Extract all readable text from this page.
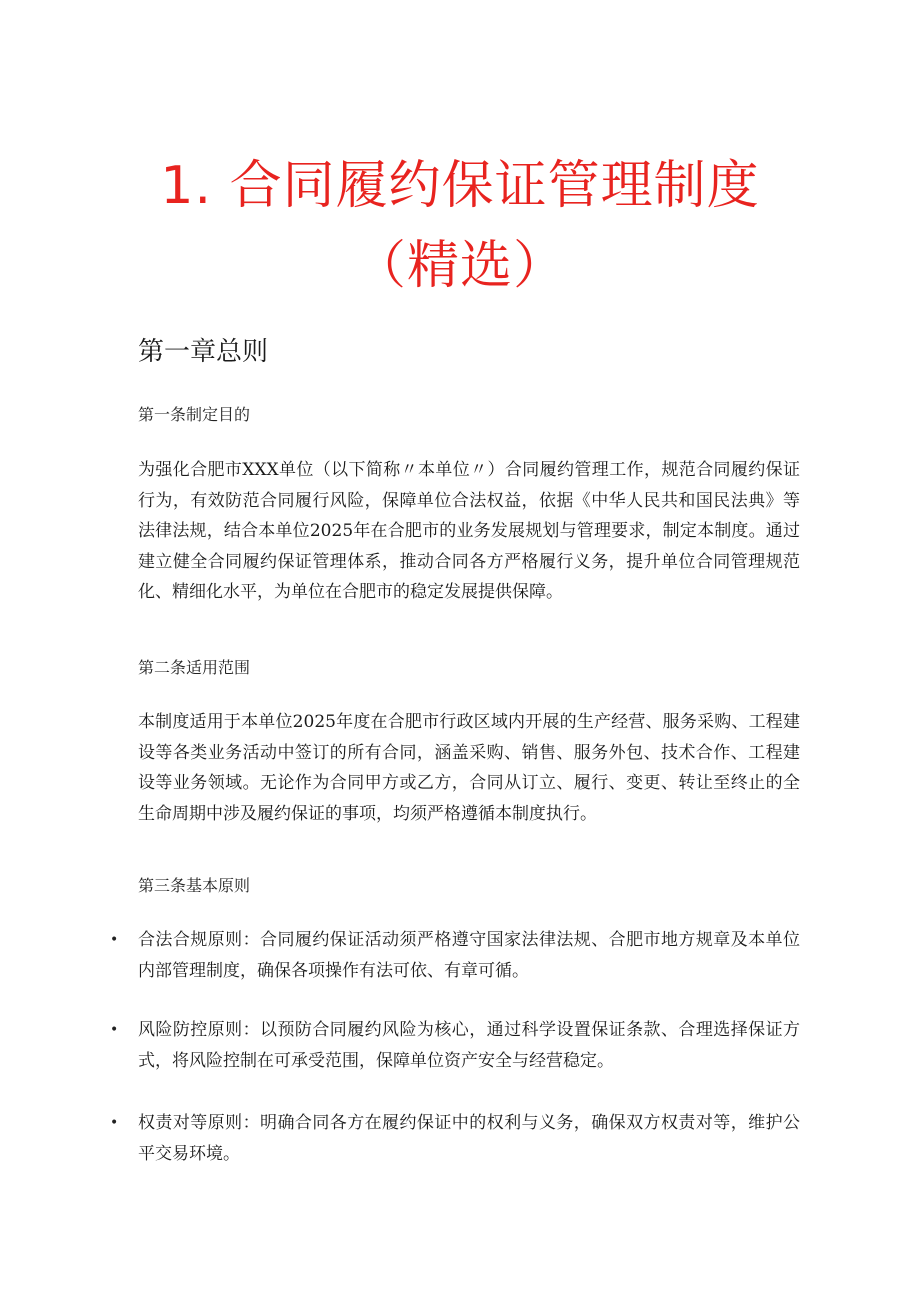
1. 合同履约保证管理制度
（精选）
第一章总则
第一条制定目的
为强化合肥市XXX单位（以下简称〃本单位〃）合同履约管理工作，规范合同履约保证行为，有效防范合同履行风险，保障单位合法权益，依据《中华人民共和国民法典》等法律法规，结合本单位2025年在合肥市的业务发展规划与管理要求，制定本制度。通过建立健全合同履约保证管理体系，推动合同各方严格履行义务，提升单位合同管理规范化、精细化水平，为单位在合肥市的稳定发展提供保障。
第二条适用范围
本制度适用于本单位2025年度在合肥市行政区域内开展的生产经营、服务采购、工程建设等各类业务活动中签订的所有合同，涵盖采购、销售、服务外包、技术合作、工程建设等业务领域。无论作为合同甲方或乙方，合同从订立、履行、变更、转让至终止的全生命周期中涉及履约保证的事项，均须严格遵循本制度执行。
第三条基本原则
• 合法合规原则：合同履约保证活动须严格遵守国家法律法规、合肥市地方规章及本单位内部管理制度，确保各项操作有法可依、有章可循。
• 风险防控原则：以预防合同履约风险为核心，通过科学设置保证条款、合理选择保证方式，将风险控制在可承受范围，保障单位资产安全与经营稳定。
• 权责对等原则：明确合同各方在履约保证中的权利与义务，确保双方权责对等，维护公平交易环境。
